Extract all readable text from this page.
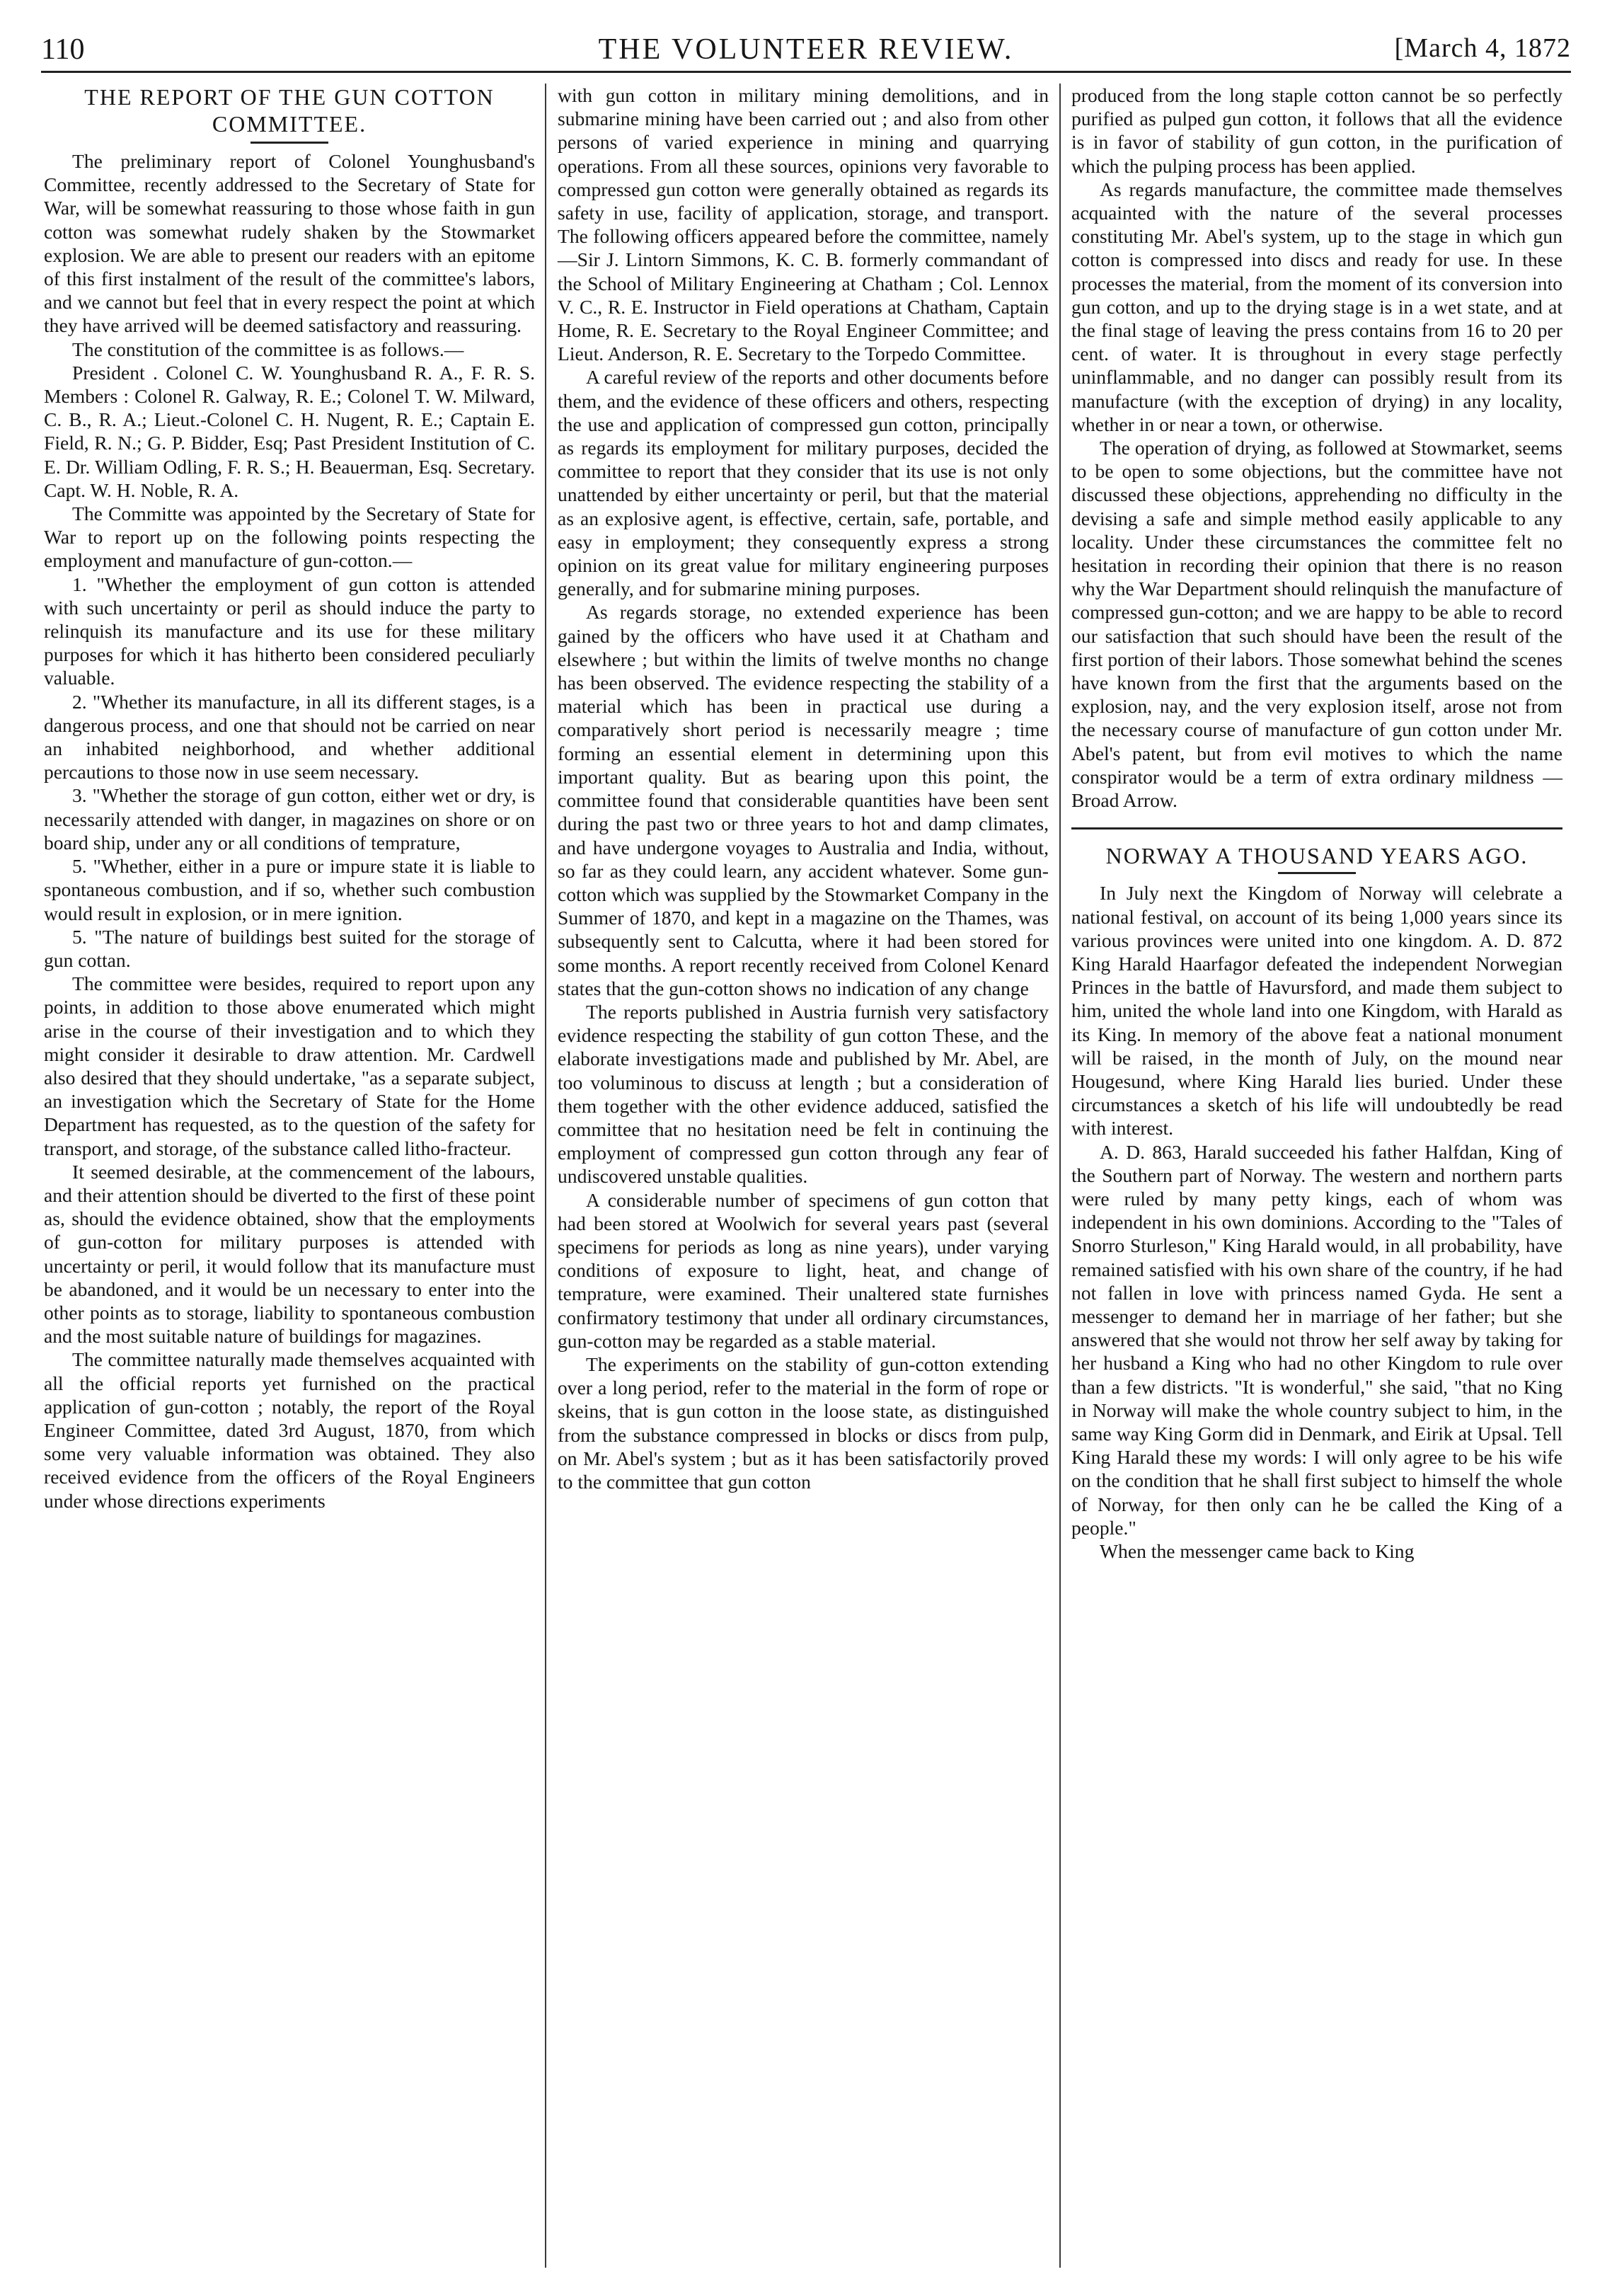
110	THE VOLUNTEER REVIEW.	[March 4, 1872
THE REPORT OF THE GUN COTTON COMMITTEE.

The preliminary report of Colonel Younghusband's Committee, recently addressed to the Secretary of State for War, will be somewhat reassuring to those whose faith in gun cotton was somewhat rudely shaken by the Stowmarket explosion. We are able to present our readers with an epitome of this first instalment of the result of the committee's labors, and we cannot but feel that in every respect the point at which they have arrived will be deemed satisfactory and reassuring.

The constitution of the committee is as follows.—

President . Colonel C. W. Younghusband R. A., F. R. S. Members : Colonel R. Galway, R. E.; Colonel T. W. Milward, C. B., R. A.; Lieut.-Colonel C. H. Nugent, R. E.; Captain E. Field, R. N.; G. P. Bidder, Esq; Past President Institution of C. E. Dr. William Odling, F. R. S.; H. Beauerman, Esq. Secretary. Capt. W. H. Noble, R. A.

The Committe was appointed by the Secretary of State for War to report up on the following points respecting the employment and manufacture of gun-cotton.—

1. "Whether the employment of gun cotton is attended with such uncertainty or peril as should induce the party to relinquish its manufacture and its use for these military purposes for which it has hitherto been considered peculiarly valuable.

2. "Whether its manufacture, in all its different stages, is a dangerous process, and one that should not be carried on near an inhabited neighborhood, and whether additional percautions to those now in use seem necessary.

3. "Whether the storage of gun cotton, either wet or dry, is necessarily attended with danger, in magazines on shore or on board ship, under any or all conditions of temprature,

5. "Whether, either in a pure or impure state it is liable to spontaneous combustion, and if so, whether such combustion would result in explosion, or in mere ignition.

5. "The nature of buildings best suited for the storage of gun cottan.

The committee were besides, required to report upon any points, in addition to those above enumerated which might arise in the course of their investigation and to which they might consider it desirable to draw attention. Mr. Cardwell also desired that they should undertake, "as a separate subject, an investigation which the Secretary of State for the Home Department has requested, as to the question of the safety for transport, and storage, of the substance called litho-fracteur.

It seemed desirable, at the commencement of the labours, and their attention should be diverted to the first of these point as, should the evidence obtained, show that the employments of gun-cotton for military purposes is attended with uncertainty or peril, it would follow that its manufacture must be abandoned, and it would be un necessary to enter into the other points as to storage, liability to spontaneous combustion and the most suitable nature of buildings for magazines.

The committee naturally made themselves acquainted with all the official reports yet furnished on the practical application of gun-cotton ; notably, the report of the Royal Engineer Committee, dated 3rd August, 1870, from which some very valuable information was obtained. They also received evidence from the officers of the Royal Engineers under whose directions experiments

with gun cotton in military mining demolitions, and in submarine mining have been carried out ; and also from other persons of varied experience in mining and quarrying operations. From all these sources, opinions very favorable to compressed gun cotton were generally obtained as regards its safety in use, facility of application, storage, and transport. The following officers appeared before the committee, namely—Sir J. Lintorn Simmons, K. C. B. formerly commandant of the School of Military Engineering at Chatham ; Col. Lennox V. C., R. E. Instructor in Field operations at Chatham, Captain Home, R. E. Secretary to the Royal Engineer Committee; and Lieut. Anderson, R. E. Secretary to the Torpedo Committee.

A careful review of the reports and other documents before them, and the evidence of these officers and others, respecting the use and application of compressed gun cotton, principally as regards its employment for military purposes, decided the committee to report that they consider that its use is not only unattended by either uncertainty or peril, but that the material as an explosive agent, is effective, certain, safe, portable, and easy in employment; they consequently express a strong opinion on its great value for military engineering purposes generally, and for submarine mining purposes.

As regards storage, no extended experience has been gained by the officers who have used it at Chatham and elsewhere ; but within the limits of twelve months no change has been observed. The evidence respecting the stability of a material which has been in practical use during a comparatively short period is necessarily meagre ; time forming an essential element in determining upon this important quality. But as bearing upon this point, the committee found that considerable quantities have been sent during the past two or three years to hot and damp climates, and have undergone voyages to Australia and India, without, so far as they could learn, any accident whatever. Some gun-cotton which was supplied by the Stowmarket Company in the Summer of 1870, and kept in a magazine on the Thames, was subsequently sent to Calcutta, where it had been stored for some months. A report recently received from Colonel Kenard states that the gun-cotton shows no indication of any change

The reports published in Austria furnish very satisfactory evidence respecting the stability of gun cotton These, and the elaborate investigations made and published by Mr. Abel, are too voluminous to discuss at length ; but a consideration of them together with the other evidence adduced, satisfied the committee that no hesitation need be felt in continuing the employment of compressed gun cotton through any fear of undiscovered unstable qualities.

A considerable number of specimens of gun cotton that had been stored at Woolwich for several years past (several specimens for periods as long as nine years), under varying conditions of exposure to light, heat, and change of temprature, were examined. Their unaltered state furnishes confirmatory testimony that under all ordinary circumstances, gun-cotton may be regarded as a stable material.

The experiments on the stability of gun-cotton extending over a long period, refer to the material in the form of rope or skeins, that is gun cotton in the loose state, as distinguished from the substance compressed in blocks or discs from pulp, on Mr. Abel's system ; but as it has been satisfactorily proved to the committee that gun cotton

produced from the long staple cotton cannot be so perfectly purified as pulped gun cotton, it follows that all the evidence is in favor of stability of gun cotton, in the purification of which the pulping process has been applied.

As regards manufacture, the committee made themselves acquainted with the nature of the several processes constituting Mr. Abel's system, up to the stage in which gun cotton is compressed into discs and ready for use. In these processes the material, from the moment of its conversion into gun cotton, and up to the drying stage is in a wet state, and at the final stage of leaving the press contains from 16 to 20 per cent. of water. It is throughout in every stage perfectly uninflammable, and no danger can possibly result from its manufacture (with the exception of drying) in any locality, whether in or near a town, or otherwise.

The operation of drying, as followed at Stowmarket, seems to be open to some objections, but the committee have not discussed these objections, apprehending no difficulty in the devising a safe and simple method easily applicable to any locality. Under these circumstances the committee felt no hesitation in recording their opinion that there is no reason why the War Department should relinquish the manufacture of compressed gun-cotton; and we are happy to be able to record our satisfaction that such should have been the result of the first portion of their labors. Those somewhat behind the scenes have known from the first that the arguments based on the explosion, nay, and the very explosion itself, arose not from the necessary course of manufacture of gun cotton under Mr. Abel's patent, but from evil motives to which the name conspirator would be a term of extra ordinary mildness —Broad Arrow.

NORWAY A THOUSAND YEARS AGO.

In July next the Kingdom of Norway will celebrate a national festival, on account of its being 1,000 years since its various provinces were united into one kingdom. A. D. 872 King Harald Haarfagor defeated the independent Norwegian Princes in the battle of Havursford, and made them subject to him, united the whole land into one Kingdom, with Harald as its King. In memory of the above feat a national monument will be raised, in the month of July, on the mound near Hougesund, where King Harald lies buried. Under these circumstances a sketch of his life will undoubtedly be read with interest.

A. D. 863, Harald succeeded his father Halfdan, King of the Southern part of Norway. The western and northern parts were ruled by many petty kings, each of whom was independent in his own dominions. According to the "Tales of Snorro Sturleson," King Harald would, in all probability, have remained satisfied with his own share of the country, if he had not fallen in love with princess named Gyda. He sent a messenger to demand her in marriage of her father; but she answered that she would not throw her self away by taking for her husband a King who had no other Kingdom to rule over than a few districts. "It is wonderful," she said, "that no King in Norway will make the whole country subject to him, in the same way King Gorm did in Denmark, and Eirik at Upsal. Tell King Harald these my words: I will only agree to be his wife on the condition that he shall first subject to himself the whole of Norway, for then only can he be called the King of a people."

When the messenger came back to King
